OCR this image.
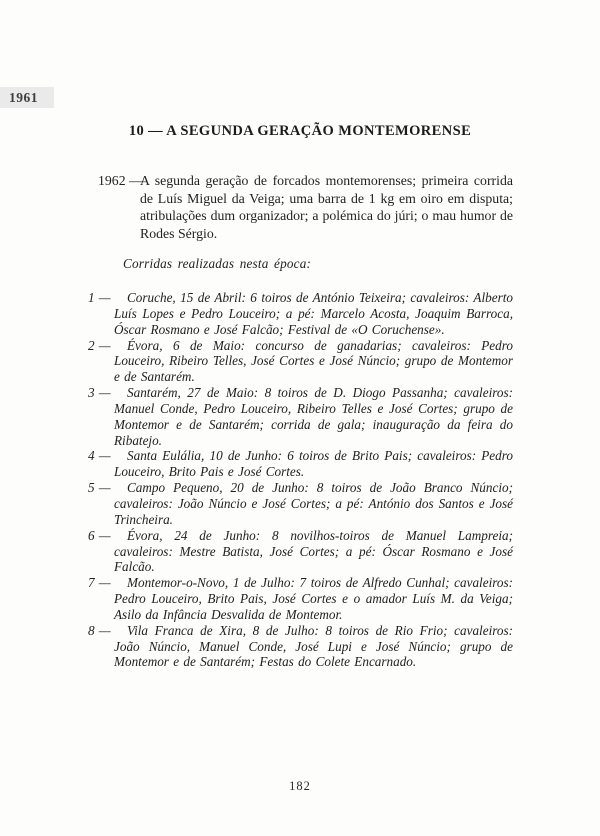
1961
10 — A SEGUNDA GERAÇÃO MONTEMORENSE
1962 —
A segunda geração de forcados montemorenses; primeira corrida de Luís Miguel da Veiga; uma barra de 1 kg em oiro em disputa; atribulações dum organizador; a polémica do júri; o mau humor de Rodes Sérgio.
Corridas realizadas nesta época:
1 — Coruche, 15 de Abril: 6 toiros de António Teixeira; cavaleiros: Alberto Luís Lopes e Pedro Louceiro; a pé: Marcelo Acosta, Joaquim Barroca, Óscar Rosmano e José Falcão; Festival de «O Coruchense».
2 — Évora, 6 de Maio: concurso de ganadarias; cavaleiros: Pedro Louceiro, Ribeiro Telles, José Cortes e José Núncio; grupo de Montemor e de Santarém.
3 — Santarém, 27 de Maio: 8 toiros de D. Diogo Passanha; cavaleiros: Manuel Conde, Pedro Louceiro, Ribeiro Telles e José Cortes; grupo de Montemor e de Santarém; corrida de gala; inauguração da feira do Ribatejo.
4 — Santa Eulália, 10 de Junho: 6 toiros de Brito Pais; cavaleiros: Pedro Louceiro, Brito Pais e José Cortes.
5 — Campo Pequeno, 20 de Junho: 8 toiros de João Branco Núncio; cavaleiros: João Núncio e José Cortes; a pé: António dos Santos e José Trincheira.
6 — Évora, 24 de Junho: 8 novilhos-toiros de Manuel Lampreia; cavaleiros: Mestre Batista, José Cortes; a pé: Óscar Rosmano e José Falcão.
7 — Montemor-o-Novo, 1 de Julho: 7 toiros de Alfredo Cunhal; cavaleiros: Pedro Louceiro, Brito Pais, José Cortes e o amador Luís M. da Veiga; Asilo da Infância Desvalida de Montemor.
8 — Vila Franca de Xira, 8 de Julho: 8 toiros de Rio Frio; cavaleiros: João Núncio, Manuel Conde, José Lupi e José Núncio; grupo de Montemor e de Santarém; Festas do Colete Encarnado.
182
